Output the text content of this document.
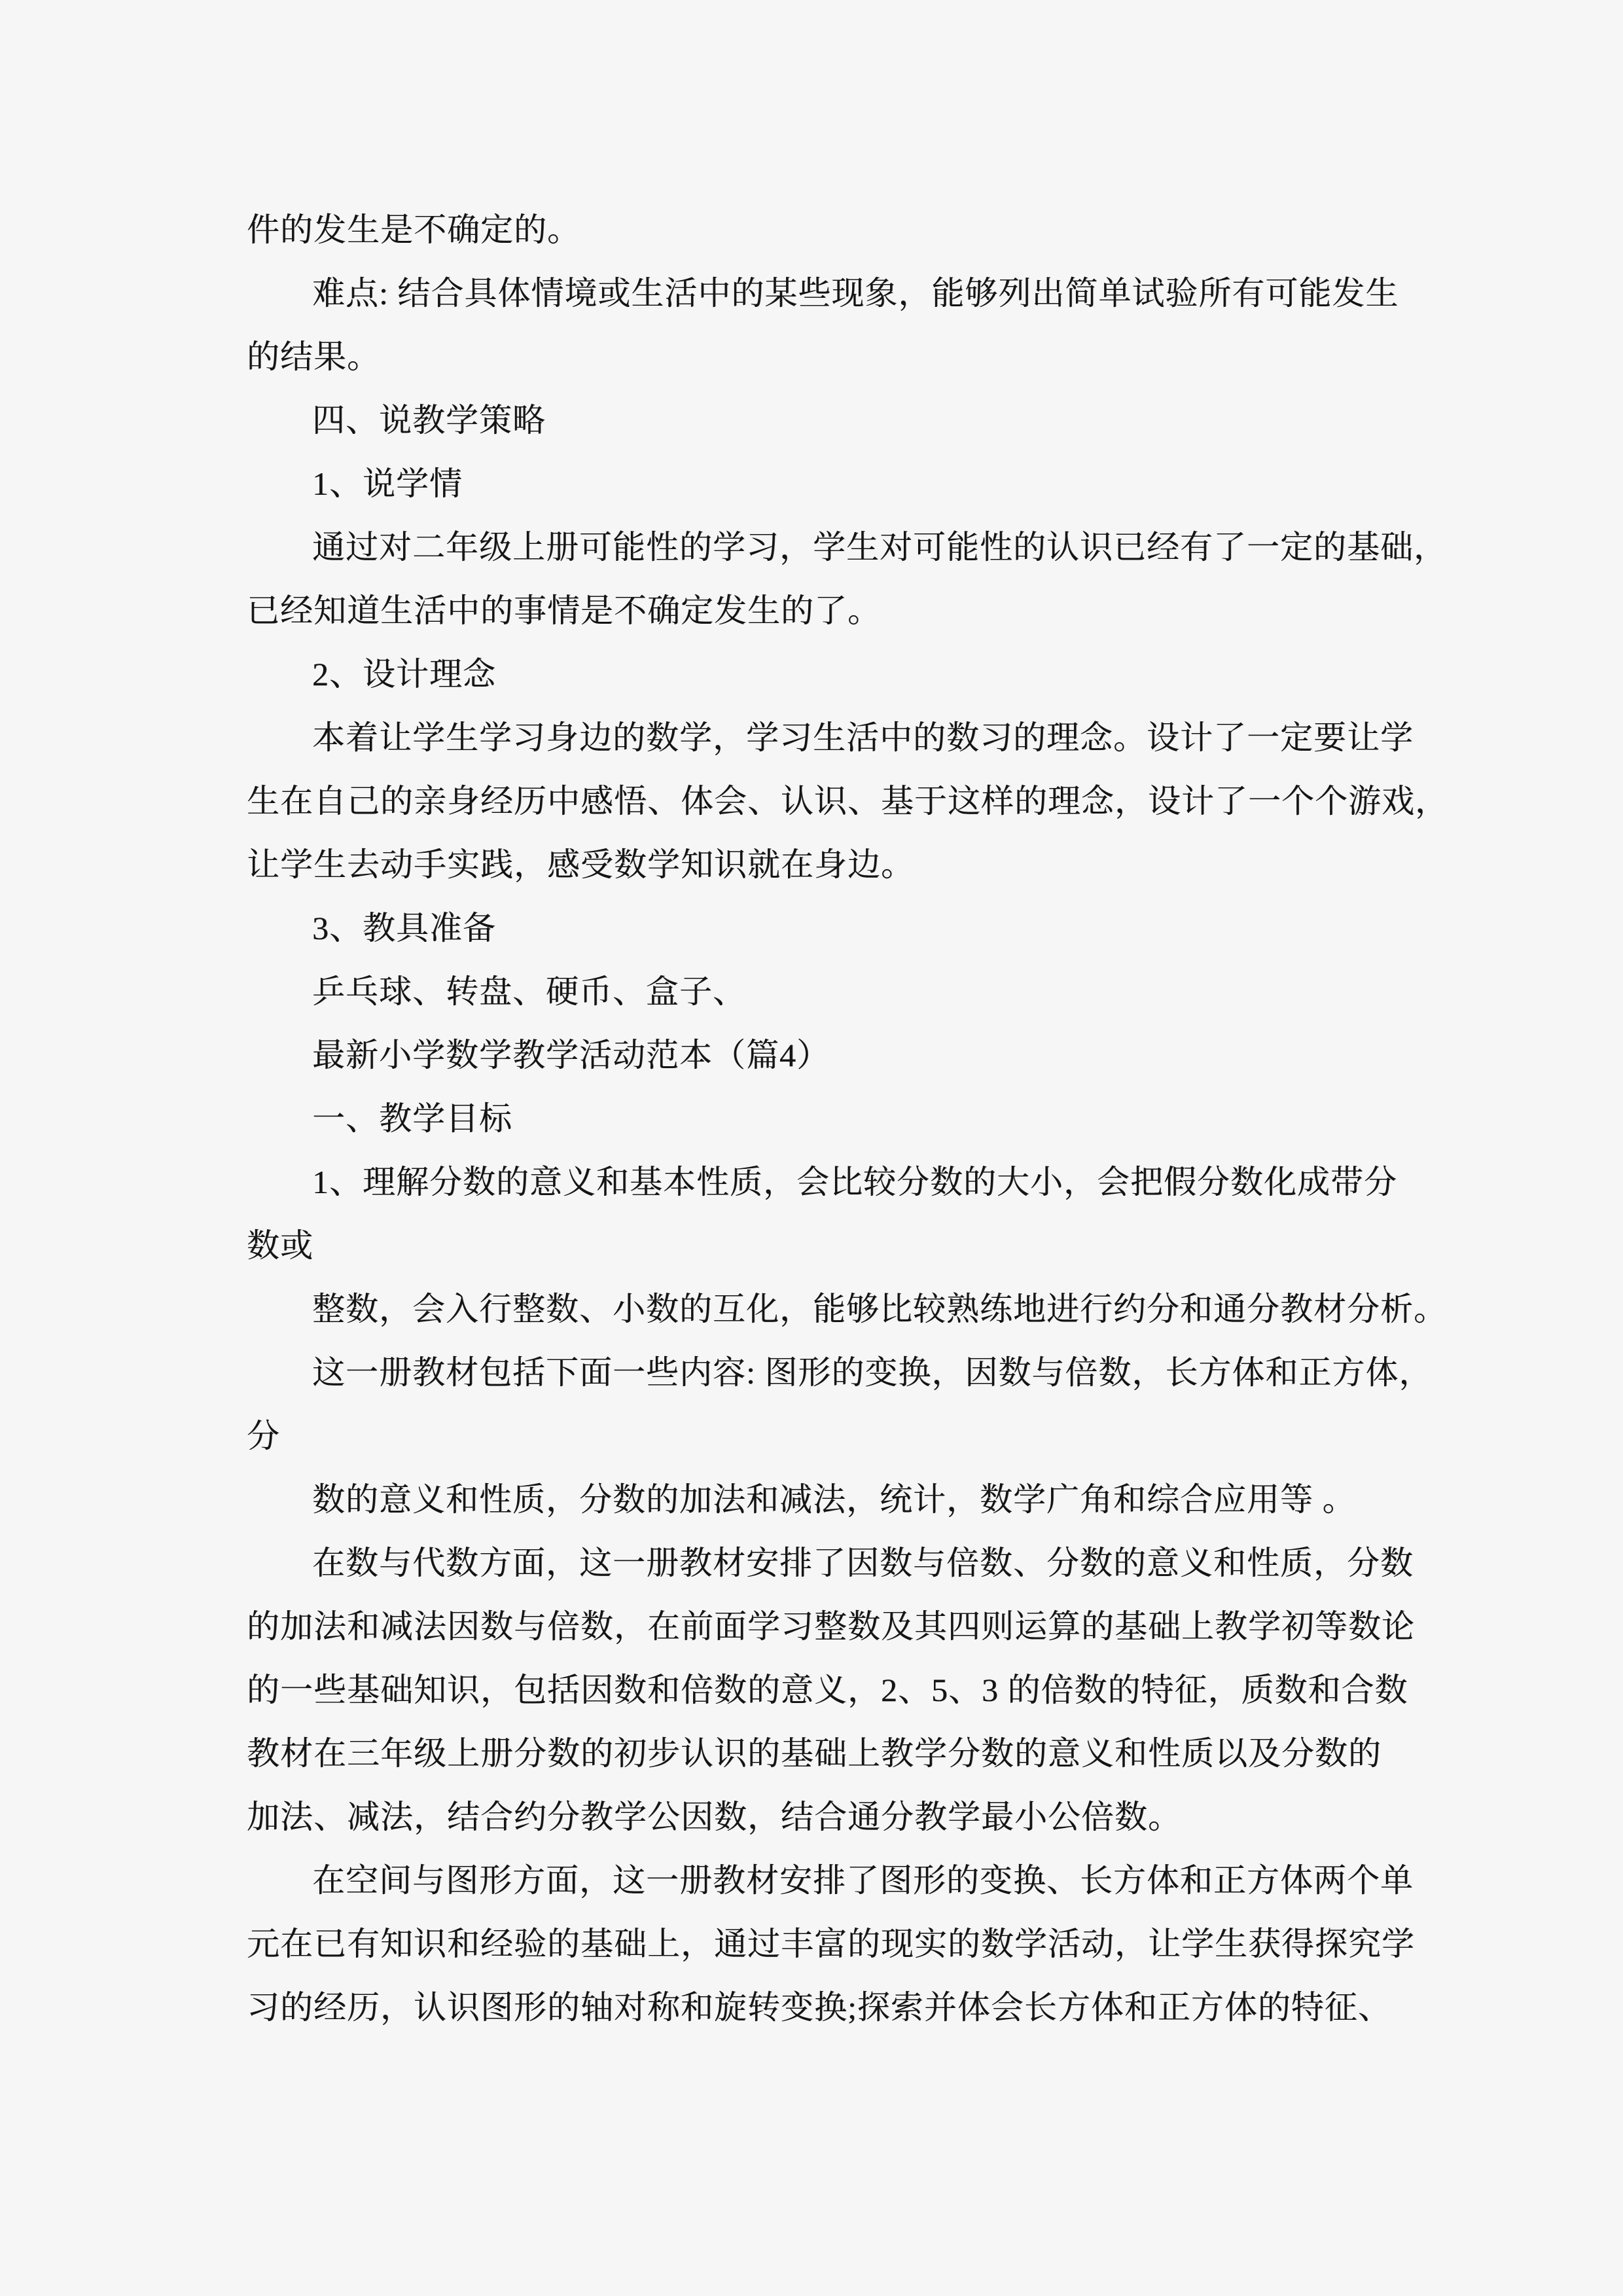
件的发生是不确定的。
难点: 结合具体情境或生活中的某些现象，能够列出简单试验所有可能发生
的结果。
四、说教学策略
1、说学情
通过对二年级上册可能性的学习，学生对可能性的认识已经有了一定的基础，
已经知道生活中的事情是不确定发生的了。
2、设计理念
本着让学生学习身边的数学，学习生活中的数习的理念。设计了一定要让学
生在自己的亲身经历中感悟、体会、认识、基于这样的理念，设计了一个个游戏，
让学生去动手实践，感受数学知识就在身边。
3、教具准备
乒乓球、转盘、硬币、盒子、
最新小学数学教学活动范本（篇4）
一、教学目标
1、理解分数的意义和基本性质，会比较分数的大小，会把假分数化成带分
数或
整数，会入行整数、小数的互化，能够比较熟练地进行约分和通分教材分析。
这一册教材包括下面一些内容: 图形的变换，因数与倍数，长方体和正方体，
分
数的意义和性质，分数的加法和减法，统计，数学广角和综合应用等 。
在数与代数方面，这一册教材安排了因数与倍数、分数的意义和性质，分数
的加法和减法因数与倍数，在前面学习整数及其四则运算的基础上教学初等数论
的一些基础知识，包括因数和倍数的意义，2、5、3 的倍数的特征，质数和合数
教材在三年级上册分数的初步认识的基础上教学分数的意义和性质以及分数的
加法、减法，结合约分教学公因数，结合通分教学最小公倍数。
在空间与图形方面，这一册教材安排了图形的变换、长方体和正方体两个单
元在已有知识和经验的基础上，通过丰富的现实的数学活动，让学生获得探究学
习的经历，认识图形的轴对称和旋转变换;探索并体会长方体和正方体的特征、
